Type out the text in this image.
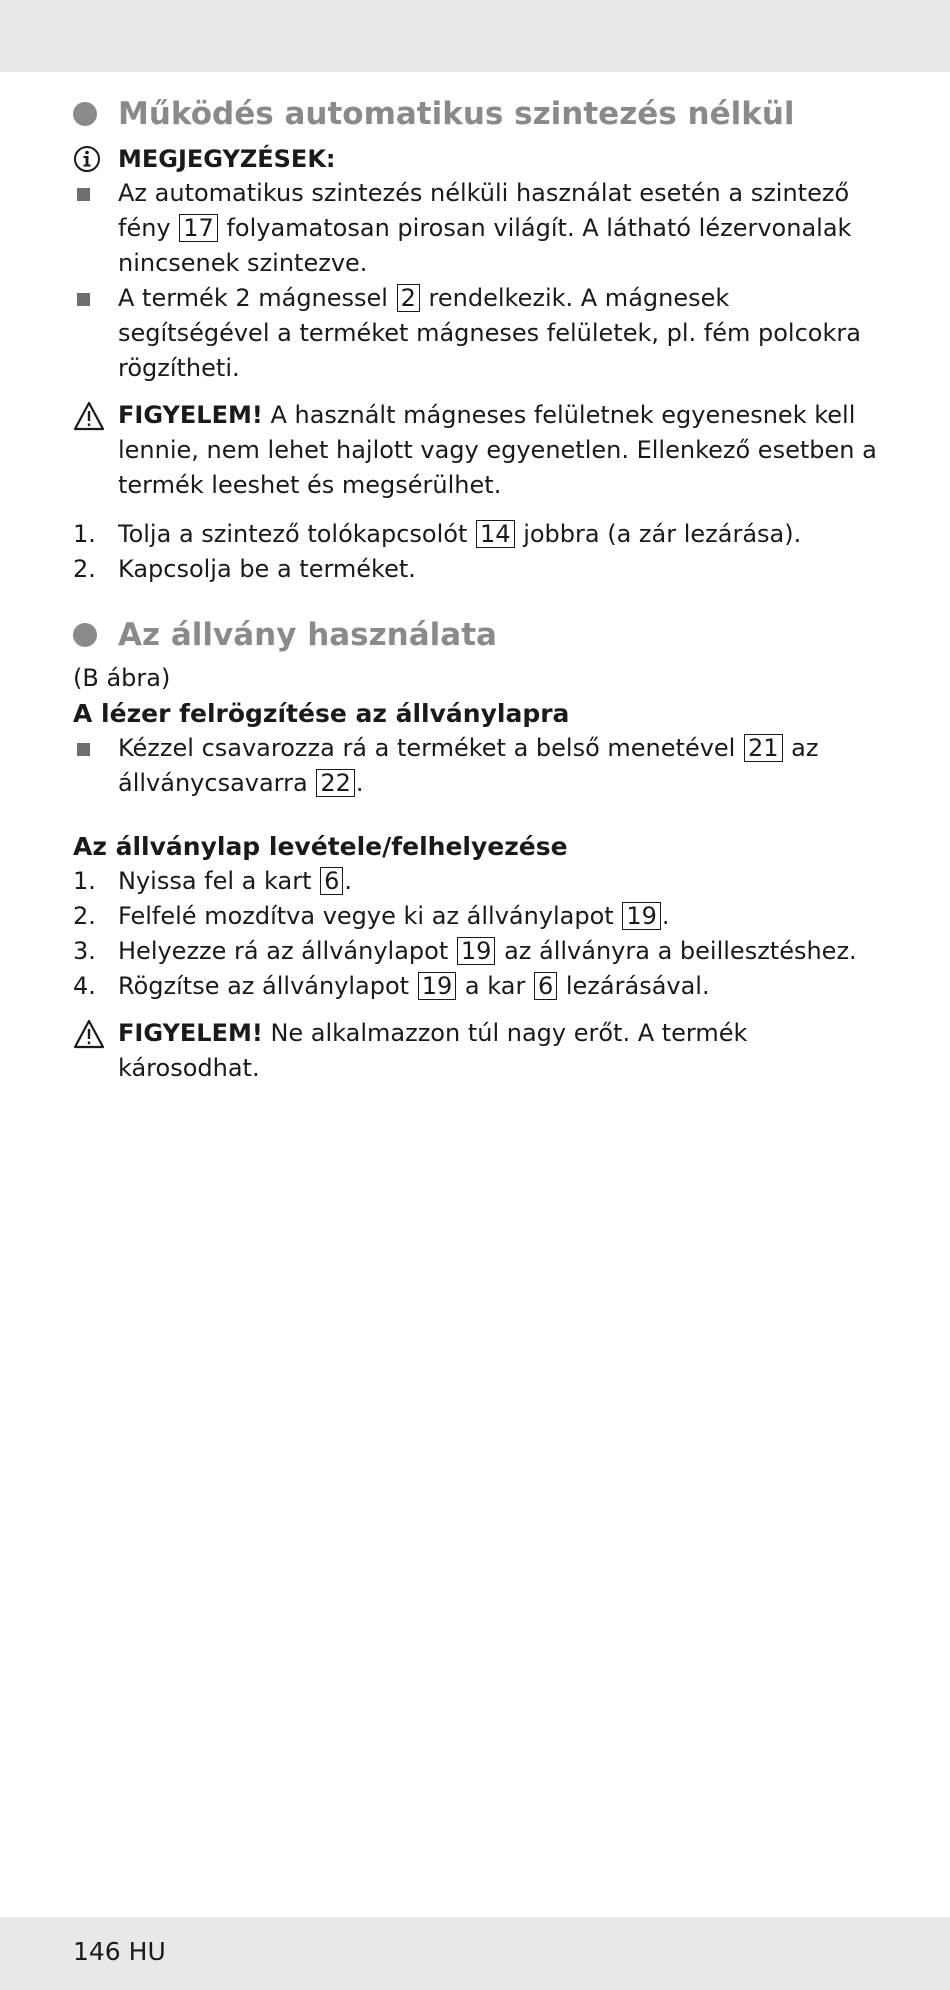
Működés automatikus szintezés nélkül
MEGJEGYZÉSEK:
Az automatikus szintezés nélküli használat esetén a szintező fény 17 folyamatosan pirosan világít. A látható lézervonalak nincsenek szintezve.
A termék 2 mágnessel 2 rendelkezik. A mágnesek segítségével a terméket mágneses felületek, pl. fém polcokra rögzítheti.
FIGYELEM! A használt mágneses felületnek egyenesnek kell lennie, nem lehet hajlott vagy egyenetlen. Ellenkező esetben a termék leeshet és megsérülhet.
1. Tolja a szintező tolókapcsolót 14 jobbra (a zár lezárása).
2. Kapcsolja be a terméket.
Az állvány használata
(B ábra)
A lézer felrögzítése az állványlapra
Kézzel csavarozza rá a terméket a belső menetével 21 az állványcsavarra 22 .
Az állványlap levétele/felhelyezése
1. Nyissa fel a kart 6 .
2. Felfelé mozdítva vegye ki az állványlapot 19 .
3. Helyezze rá az állványlapot 19 az állványra a beillesztéshez.
4. Rögzítse az állványlapot 19 a kar 6 lezárásával.
FIGYELEM! Ne alkalmazzon túl nagy erőt. A termék károsodhat.
146 HU
